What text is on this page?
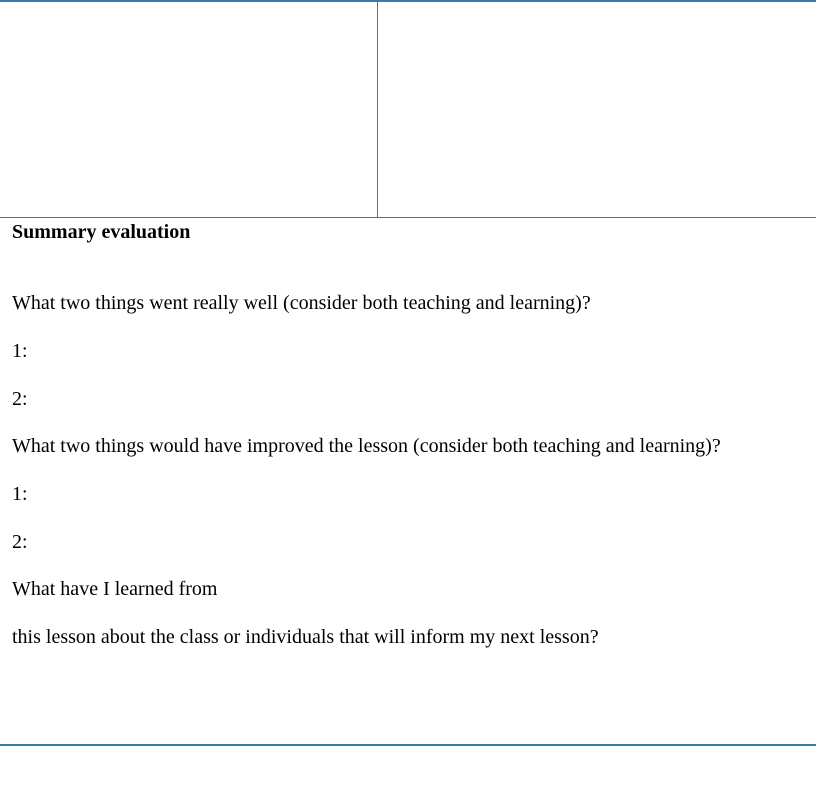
Summary evaluation
What two things went really well (consider both teaching and learning)?
1:
2:
What two things would have improved the lesson (consider both teaching and learning)?
1:
2:
What have I learned from
this lesson about the class or individuals that will inform my next lesson?
